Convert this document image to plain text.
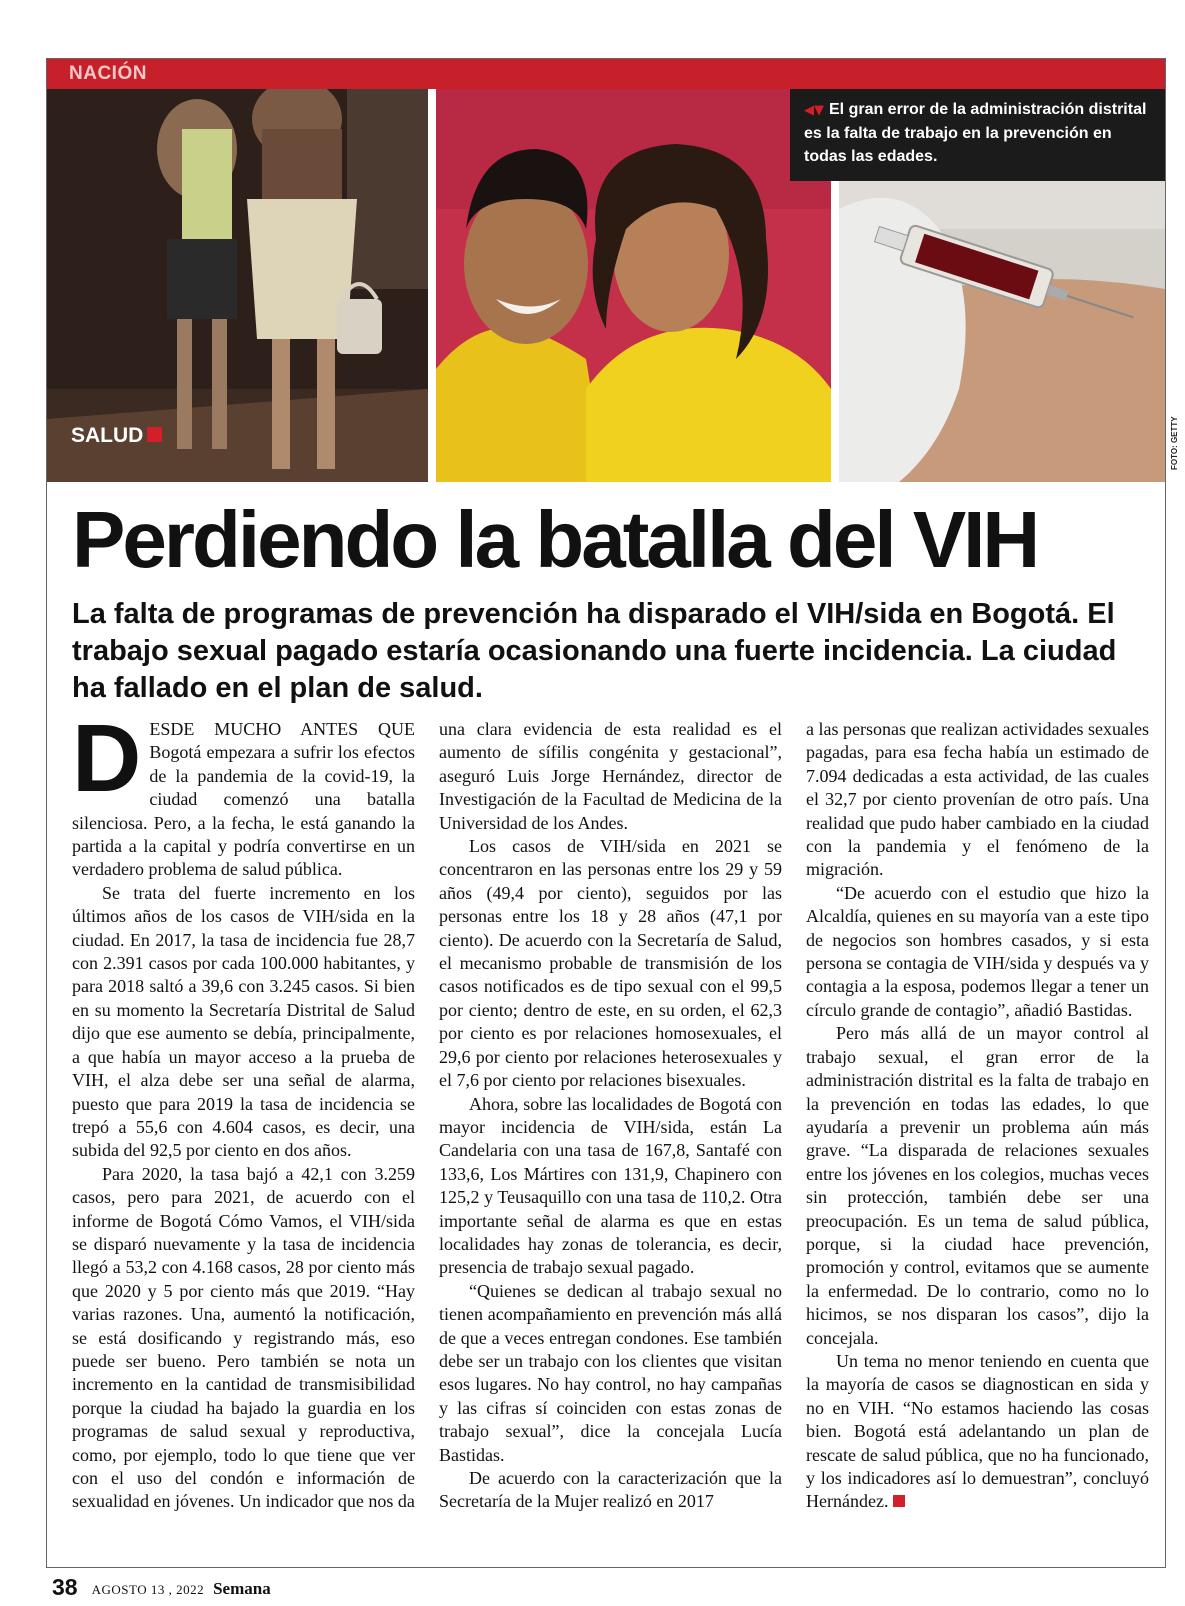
NACIÓN
SALUD
◀▼ El gran error de la administración distrital es la falta de trabajo en la prevención en todas las edades.
FOTO: GETTY
Perdiendo la batalla del VIH
La falta de programas de prevención ha disparado el VIH/sida en Bogotá. El trabajo sexual pagado estaría ocasionando una fuerte incidencia. La ciudad ha fallado en el plan de salud.

DESDE MUCHO ANTES QUE Bogotá empezara a sufrir los efectos de la pandemia de la covid-19, la ciudad comenzó una batalla silenciosa. Pero, a la fecha, le está ganando la partida a la capital y podría convertirse en un verdadero problema de salud pública.

Se trata del fuerte incremento en los últimos años de los casos de VIH/sida en la ciudad. En 2017, la tasa de incidencia fue 28,7 con 2.391 casos por cada 100.000 habitantes, y para 2018 saltó a 39,6 con 3.245 casos. Si bien en su momento la Secretaría Distrital de Salud dijo que ese aumento se debía, principalmente, a que había un mayor acceso a la prueba de VIH, el alza debe ser una señal de alarma, puesto que para 2019 la tasa de incidencia se trepó a 55,6 con 4.604 casos, es decir, una subida del 92,5 por ciento en dos años.

Para 2020, la tasa bajó a 42,1 con 3.259 casos, pero para 2021, de acuerdo con el informe de Bogotá Cómo Vamos, el VIH/sida se disparó nuevamente y la tasa de incidencia llegó a 53,2 con 4.168 casos, 28 por ciento más que 2020 y 5 por ciento más que 2019. “Hay varias razones. Una, aumentó la notificación, se está dosificando y registrando más, eso puede ser bueno. Pero también se nota un incremento en la cantidad de transmisibilidad porque la ciudad ha bajado la guardia en los programas de salud sexual y reproductiva, como, por ejemplo, todo lo que tiene que ver con el uso del condón e información de sexualidad en jóvenes. Un indicador que nos da

una clara evidencia de esta realidad es el aumento de sífilis congénita y gestacional”, aseguró Luis Jorge Hernández, director de Investigación de la Facultad de Medicina de la Universidad de los Andes.

Los casos de VIH/sida en 2021 se concentraron en las personas entre los 29 y 59 años (49,4 por ciento), seguidos por las personas entre los 18 y 28 años (47,1 por ciento). De acuerdo con la Secretaría de Salud, el mecanismo probable de transmisión de los casos notificados es de tipo sexual con el 99,5 por ciento; dentro de este, en su orden, el 62,3 por ciento es por relaciones homosexuales, el 29,6 por ciento por relaciones heterosexuales y el 7,6 por ciento por relaciones bisexuales.

Ahora, sobre las localidades de Bogotá con mayor incidencia de VIH/sida, están La Candelaria con una tasa de 167,8, Santafé con 133,6, Los Mártires con 131,9, Chapinero con 125,2 y Teusaquillo con una tasa de 110,2. Otra importante señal de alarma es que en estas localidades hay zonas de tolerancia, es decir, presencia de trabajo sexual pagado.

“Quienes se dedican al trabajo sexual no tienen acompañamiento en prevención más allá de que a veces entregan condones. Ese también debe ser un trabajo con los clientes que visitan esos lugares. No hay control, no hay campañas y las cifras sí coinciden con estas zonas de trabajo sexual”, dice la concejala Lucía Bastidas.

De acuerdo con la caracterización que la Secretaría de la Mujer realizó en 2017

a las personas que realizan actividades sexuales pagadas, para esa fecha había un estimado de 7.094 dedicadas a esta actividad, de las cuales el 32,7 por ciento provenían de otro país. Una realidad que pudo haber cambiado en la ciudad con la pandemia y el fenómeno de la migración.

“De acuerdo con el estudio que hizo la Alcaldía, quienes en su mayoría van a este tipo de negocios son hombres casados, y si esta persona se contagia de VIH/sida y después va y contagia a la esposa, podemos llegar a tener un círculo grande de contagio”, añadió Bastidas.

Pero más allá de un mayor control al trabajo sexual, el gran error de la administración distrital es la falta de trabajo en la prevención en todas las edades, lo que ayudaría a prevenir un problema aún más grave. “La disparada de relaciones sexuales entre los jóvenes en los colegios, muchas veces sin protección, también debe ser una preocupación. Es un tema de salud pública, porque, si la ciudad hace prevención, promoción y control, evitamos que se aumente la enfermedad. De lo contrario, como no lo hicimos, se nos disparan los casos”, dijo la concejala.

Un tema no menor teniendo en cuenta que la mayoría de casos se diagnostican en sida y no en VIH. “No estamos haciendo las cosas bien. Bogotá está adelantando un plan de rescate de salud pública, que no ha funcionado, y los indicadores así lo demuestran”, concluyó Hernández.

38 AGOSTO 13 , 2022 Semana
